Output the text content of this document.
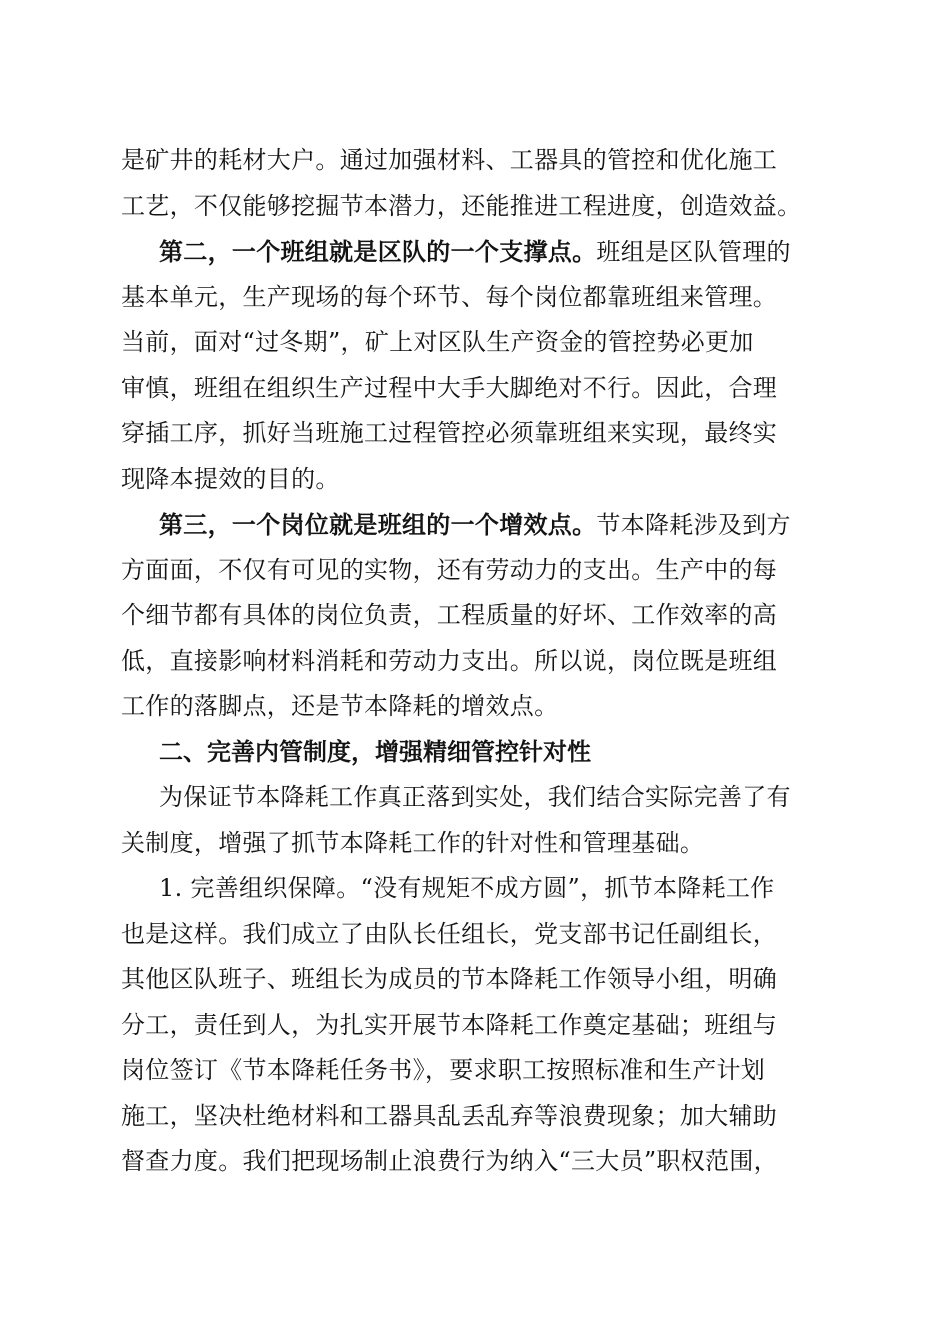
是矿井的耗材大户。通过加强材料、工器具的管控和优化施工
工艺，不仅能够挖掘节本潜力，还能推进工程进度，创造效益。
第二，一个班组就是区队的一个支撑点。班组是区队管理的
基本单元，生产现场的每个环节、每个岗位都靠班组来管理。
当前，面对“过冬期”，矿上对区队生产资金的管控势必更加
审慎，班组在组织生产过程中大手大脚绝对不行。因此，合理
穿插工序，抓好当班施工过程管控必须靠班组来实现，最终实
现降本提效的目的。
第三，一个岗位就是班组的一个增效点。节本降耗涉及到方
方面面，不仅有可见的实物，还有劳动力的支出。生产中的每
个细节都有具体的岗位负责，工程质量的好坏、工作效率的高
低，直接影响材料消耗和劳动力支出。所以说，岗位既是班组
工作的落脚点，还是节本降耗的增效点。
二、完善内管制度，增强精细管控针对性
为保证节本降耗工作真正落到实处，我们结合实际完善了有
关制度，增强了抓节本降耗工作的针对性和管理基础。
1. 完善组织保障。“没有规矩不成方圆”，抓节本降耗工作
也是这样。我们成立了由队长任组长，党支部书记任副组长，
其他区队班子、班组长为成员的节本降耗工作领导小组，明确
分工，责任到人，为扎实开展节本降耗工作奠定基础；班组与
岗位签订《节本降耗任务书》，要求职工按照标准和生产计划
施工，坚决杜绝材料和工器具乱丢乱弃等浪费现象；加大辅助
督查力度。我们把现场制止浪费行为纳入“三大员”职权范围，
